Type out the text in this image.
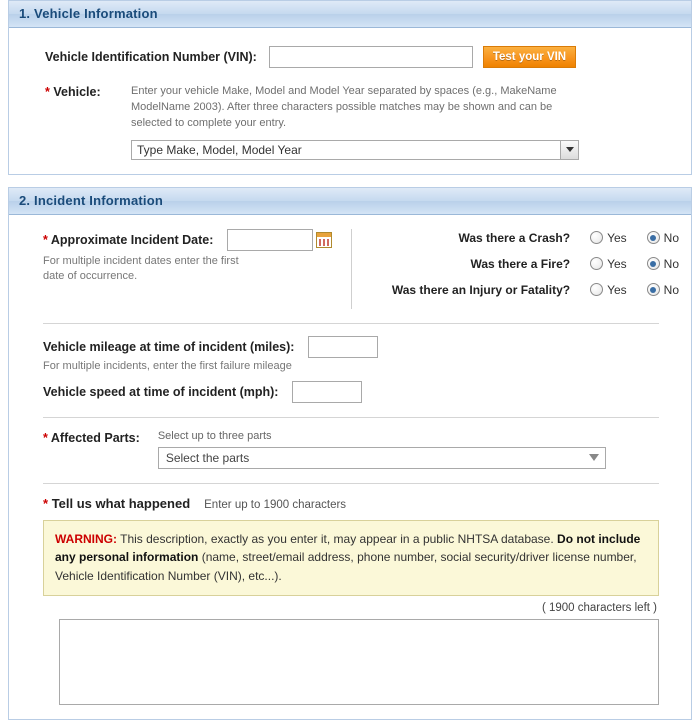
1. Vehicle Information
Vehicle Identification Number (VIN):	Test your VIN
* Vehicle:	Enter your vehicle Make, Model and Model Year separated by spaces (e.g., MakeName ModelName 2003). After three characters possible matches may be shown and can be selected to complete your entry.
Type Make, Model, Model Year
2. Incident Information
* Approximate Incident Date:
For multiple incident dates enter the first date of occurrence.
Was there a Crash?	Yes	No
Was there a Fire?	Yes	No
Was there an Injury or Fatality?	Yes	No
Vehicle mileage at time of incident (miles):
For multiple incidents, enter the first failure mileage
Vehicle speed at time of incident (mph):
* Affected Parts: Select up to three parts
Select the parts
* Tell us what happened Enter up to 1900 characters
WARNING: This description, exactly as you enter it, may appear in a public NHTSA database. Do not include any personal information (name, street/email address, phone number, social security/driver license number, Vehicle Identification Number (VIN), etc...).
( 1900 characters left )
